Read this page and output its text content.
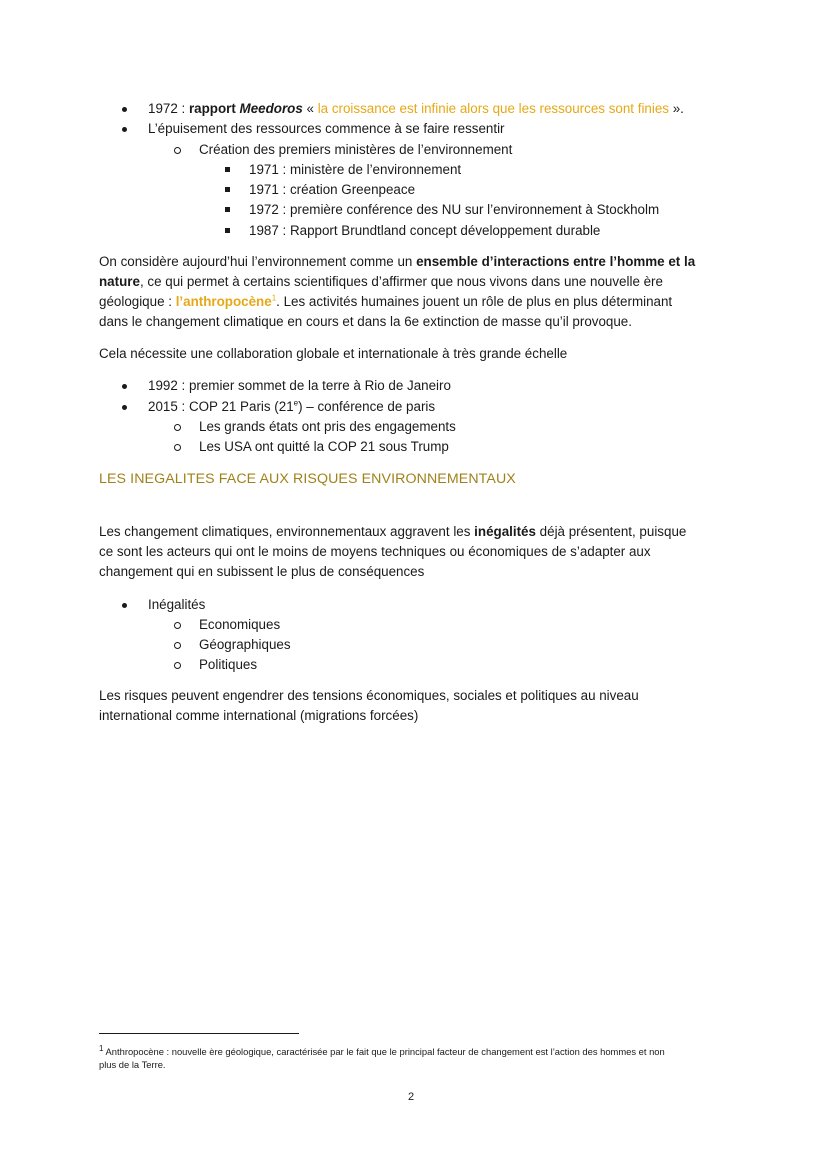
1972 : rapport Meedoros « la croissance est infinie alors que les ressources sont finies ».
L’épuisement des ressources commence à se faire ressentir
Création des premiers ministères de l’environnement
1971 : ministère de l’environnement
1971 : création Greenpeace
1972 : première conférence des NU sur l’environnement à Stockholm
1987 : Rapport Brundtland concept développement durable
On considère aujourd’hui l’environnement comme un ensemble d’interactions entre l’homme et la
nature, ce qui permet à certains scientifiques d’affirmer que nous vivons dans une nouvelle ère
géologique : l’anthropocène$^1$. Les activités humaines jouent un rôle de plus en plus déterminant
dans le changement climatique en cours et dans la 6e extinction de masse qu’il provoque.
Cela nécessite une collaboration globale et internationale à très grande échelle
1992 : premier sommet de la terre à Rio de Janeiro
2015 : COP 21 Paris (21e) – conférence de paris
Les grands états ont pris des engagements
Les USA ont quitté la COP 21 sous Trump
LES INEGALITES FACE AUX RISQUES ENVIRONNEMENTAUX
Les changement climatiques, environnementaux aggravent les inégalités déjà présentent, puisque
ce sont les acteurs qui ont le moins de moyens techniques ou économiques de s’adapter aux
changement qui en subissent le plus de conséquences
Inégalités
Economiques
Géographiques
Politiques
Les risques peuvent engendrer des tensions économiques, sociales et politiques au niveau
international comme international (migrations forcées)
$^1$ Anthropocène : nouvelle ère géologique, caractérisée par le fait que le principal facteur de changement est l’action des hommes et non
plus de la Terre.
2
